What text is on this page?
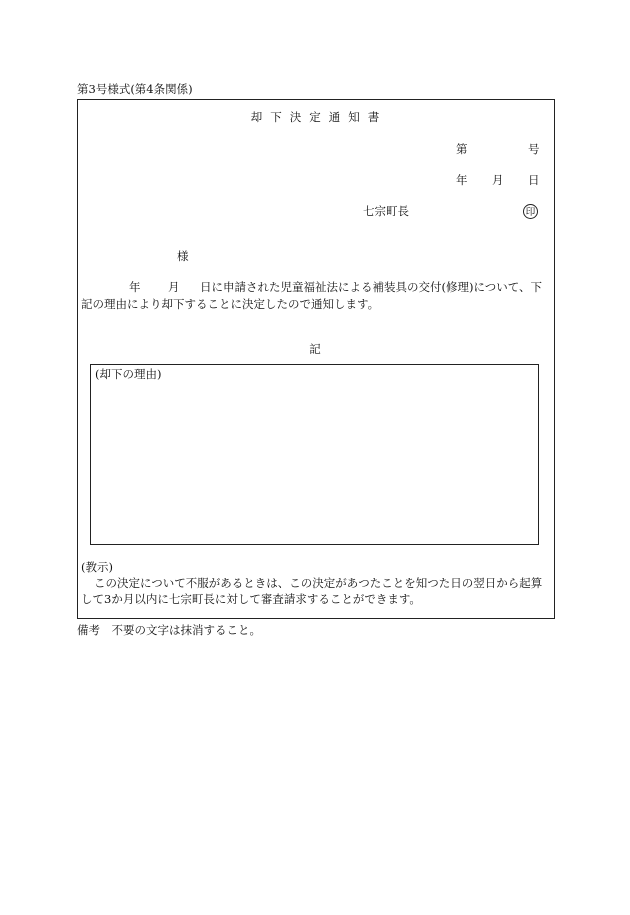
第3号様式(第4条関係)
却下決定通知書
第	号
年 月 日
七宗町長	印
様
年 月 日に申請された児童福祉法による補装具の交付(修理)について、下
記の理由により却下することに決定したので通知します。
記
(却下の理由)
(教示)
この決定について不服があるときは、この決定があつたことを知つた日の翌日から起算
して3か月以内に七宗町長に対して審査請求することができます。
備考　不要の文字は抹消すること。
